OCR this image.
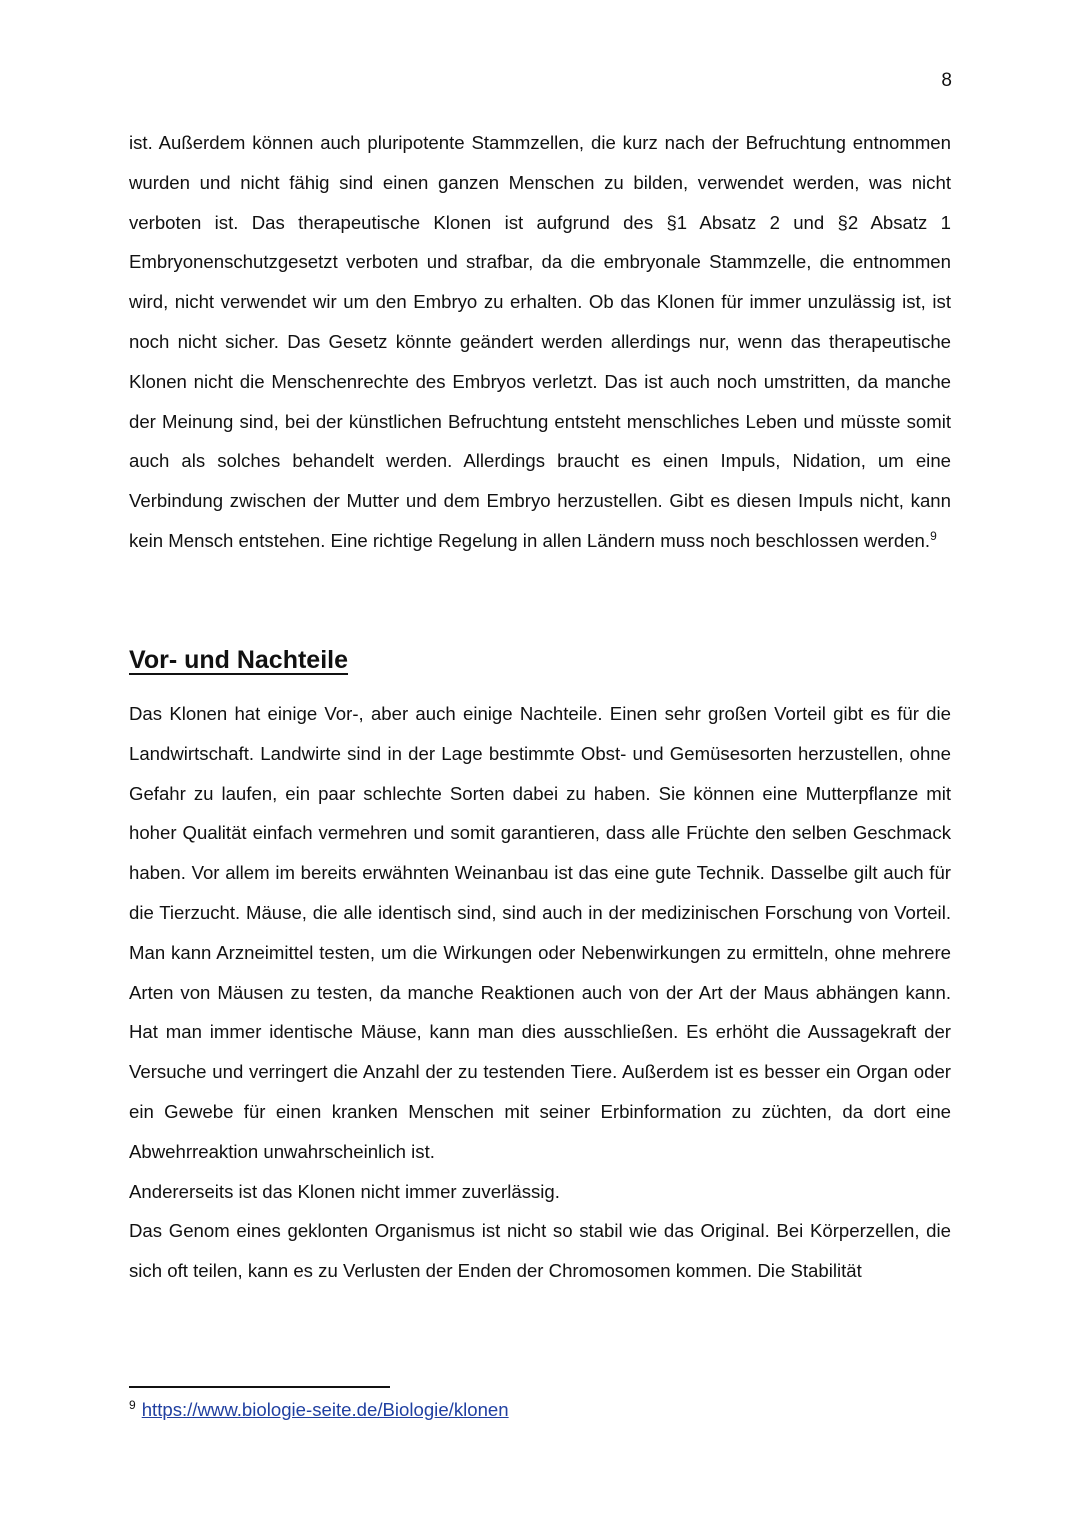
8

ist. Außerdem können auch pluripotente Stammzellen, die kurz nach der Befruchtung entnommen wurden und nicht fähig sind einen ganzen Menschen zu bilden, verwendet werden, was nicht verboten ist. Das therapeutische Klonen ist aufgrund des §1 Absatz 2 und §2 Absatz 1 Embryonenschutzgesetzt verboten und strafbar, da die embryonale Stammzelle, die entnommen wird, nicht verwendet wir um den Embryo zu erhalten. Ob das Klonen für immer unzulässig ist, ist noch nicht sicher. Das Gesetz könnte geändert werden allerdings nur, wenn das therapeutische Klonen nicht die Menschenrechte des Embryos verletzt. Das ist auch noch umstritten, da manche der Meinung sind, bei der künstlichen Befruchtung entsteht menschliches Leben und müsste somit auch als solches behandelt werden. Allerdings braucht es einen Impuls, Nidation, um eine Verbindung zwischen der Mutter und dem Embryo herzustellen. Gibt es diesen Impuls nicht, kann kein Mensch entstehen. Eine richtige Regelung in allen Ländern muss noch beschlossen werden.$^9$

Vor- und Nachteile

Das Klonen hat einige Vor-, aber auch einige Nachteile. Einen sehr großen Vorteil gibt es für die Landwirtschaft. Landwirte sind in der Lage bestimmte Obst- und Gemüsesorten herzustellen, ohne Gefahr zu laufen, ein paar schlechte Sorten dabei zu haben. Sie können eine Mutterpflanze mit hoher Qualität einfach vermehren und somit garantieren, dass alle Früchte den selben Geschmack haben. Vor allem im bereits erwähnten Weinanbau ist das eine gute Technik. Dasselbe gilt auch für die Tierzucht. Mäuse, die alle identisch sind, sind auch in der medizinischen Forschung von Vorteil. Man kann Arzneimittel testen, um die Wirkungen oder Nebenwirkungen zu ermitteln, ohne mehrere Arten von Mäusen zu testen, da manche Reaktionen auch von der Art der Maus abhängen kann. Hat man immer identische Mäuse, kann man dies ausschließen. Es erhöht die Aussagekraft der Versuche und verringert die Anzahl der zu testenden Tiere. Außerdem ist es besser ein Organ oder ein Gewebe für einen kranken Menschen mit seiner Erbinformation zu züchten, da dort eine Abwehrreaktion unwahrscheinlich ist.

Andererseits ist das Klonen nicht immer zuverlässig.

Das Genom eines geklonten Organismus ist nicht so stabil wie das Original. Bei Körperzellen, die sich oft teilen, kann es zu Verlusten der Enden der Chromosomen kommen. Die Stabilität

$^9$ https://www.biologie-seite.de/Biologie/klonen
